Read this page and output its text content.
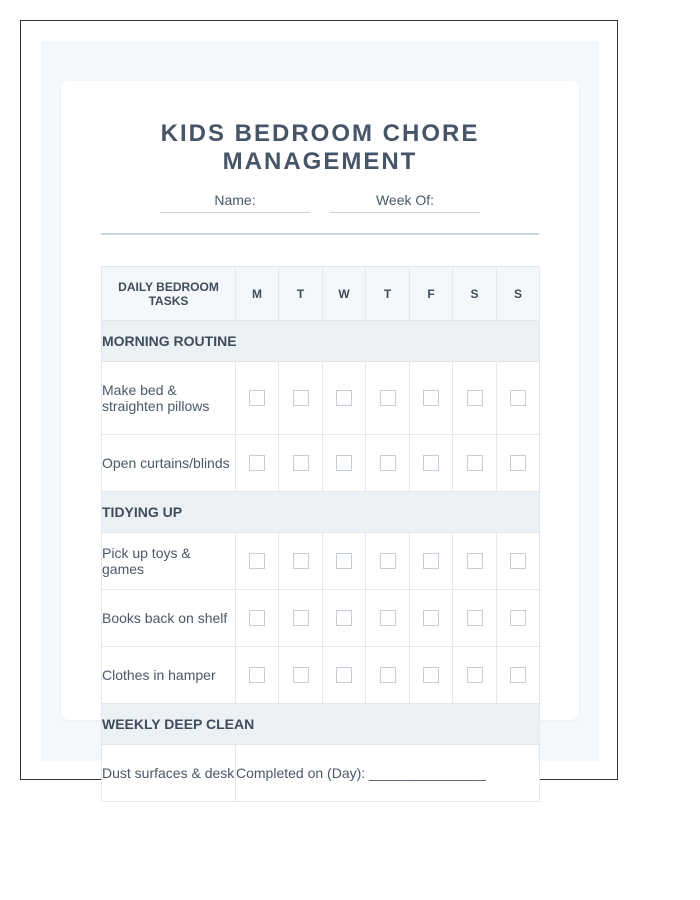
KIDS BEDROOM CHORE MANAGEMENT
Name:	Week Of:
DAILY BEDROOM TASKS	M	T	W	T	F	S	S
MORNING ROUTINE							
Make bed & straighten pillows							
Open curtains/blinds							
TIDYING UP							
Pick up toys & games							
Books back on shelf							
Clothes in hamper							
WEEKLY DEEP CLEAN							
Dust surfaces & desk	Completed on (Day): _______________						
